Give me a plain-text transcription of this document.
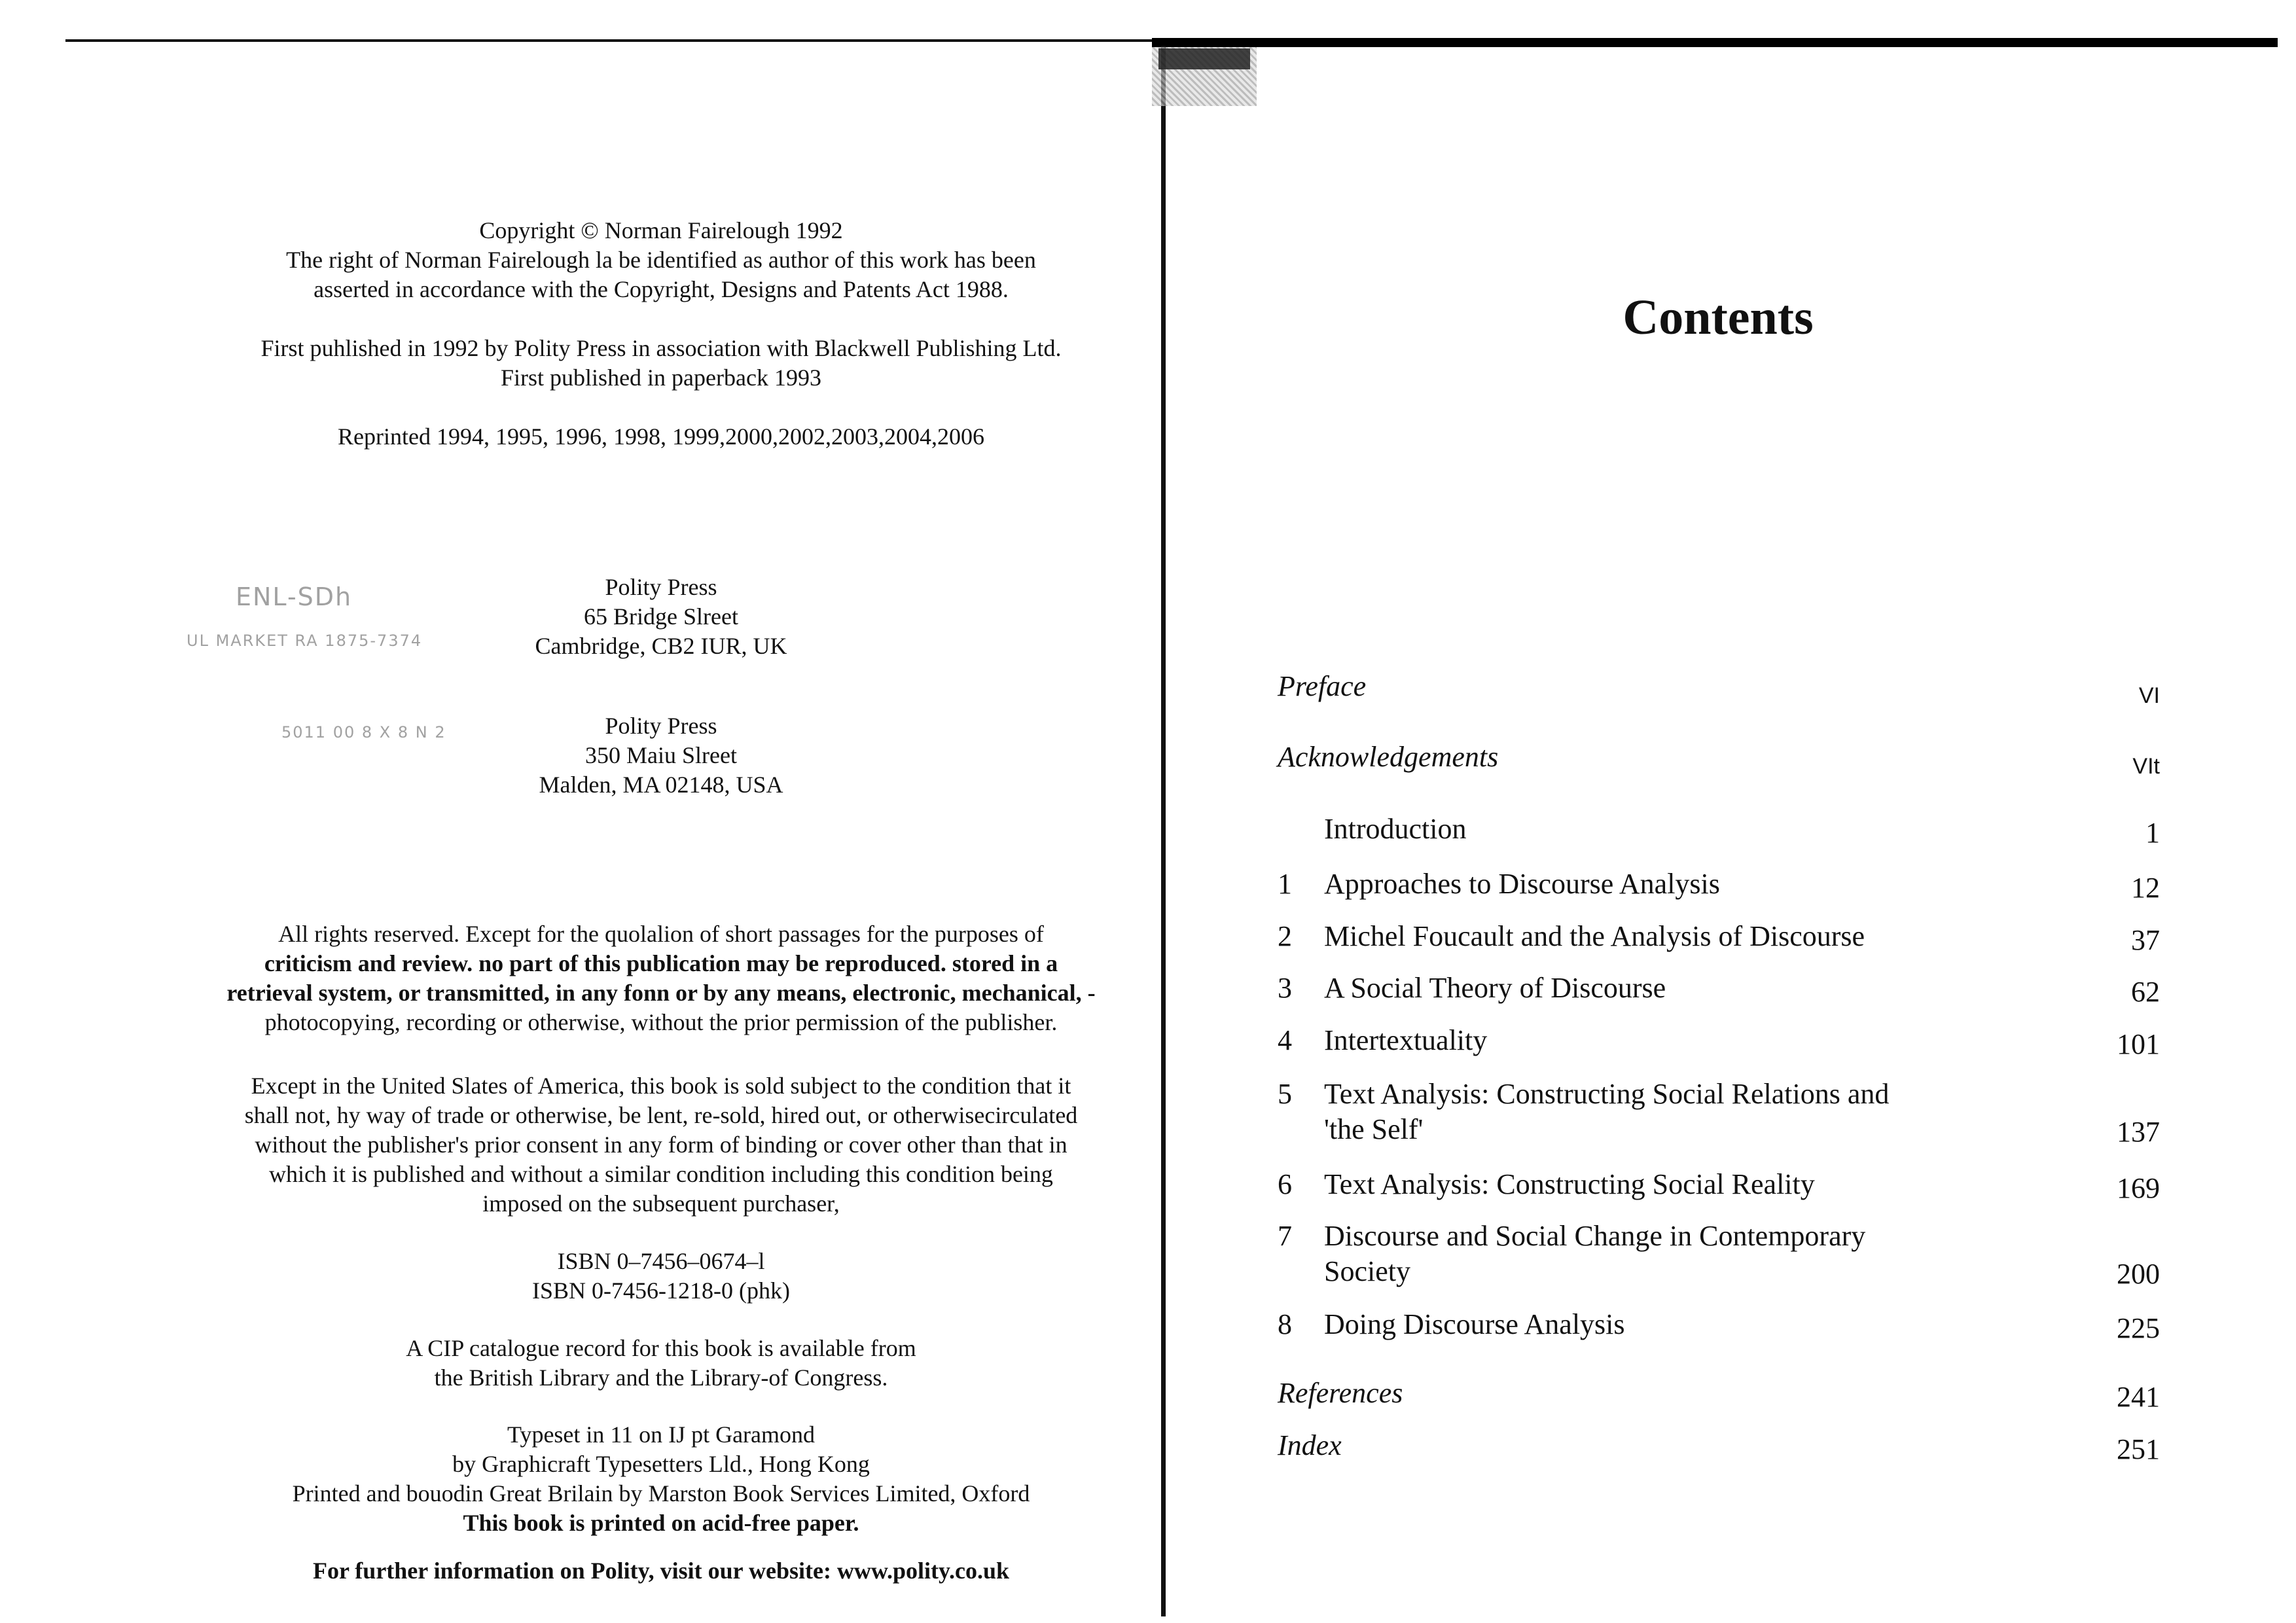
Copyright © Norman Fairelough 1992

The right of Norman Fairelough la be identified as author of this work has been

asserted in accordance with the Copyright, Designs and Patents Act 1988.

First puhlished in 1992 by Polity Press in association with Blackwell Publishing Ltd.

First published in paperback 1993

Reprinted 1994, 1995, 1996, 1998, 1999,2000,2002,2003,2004,2006

ENL-SDh
UL MARKET RA 1875-7374
5011 00 8 X 8 N 2

Polity Press

65 Bridge Slreet

Cambridge, CB2 IUR, UK

Polity Press

350 Maiu Slreet

Malden, MA 02148, USA

All rights reserved. Except for the quolalion of short passages for the purposes of

criticism and review. no part of this publication may be reproduced. stored in a

retrieval system, or transmitted, in any fonn or by any means, electronic, mechanical, -

photocopying, recording or otherwise, without the prior permission of the publisher.

Except in the United Slates of America, this book is sold subject to the condition that it

shall not, hy way of trade or otherwise, be lent, re-sold, hired out, or otherwisecirculated

without the publisher's prior consent in any form of binding or cover other than that in

which it is published and without a similar condition including this condition being

imposed on the subsequent purchaser,

ISBN 0–7456–0674–l

ISBN 0-7456-1218-0 (phk)

A CIP catalogue record for this book is available from

the British Library and the Library-of Congress.

Typeset in 11 on IJ pt Garamond

by Graphicraft Typesetters Lld., Hong Kong

Printed and bouodin Great Brilain by Marston Book Services Limited, Oxford

This book is printed on acid-free paper.

For further information on Polity, visit our website: www.polity.co.uk

Contents
Preface	VI
Acknowledgements	VIt
Introduction	1
1 Approaches to Discourse Analysis	12
2 Michel Foucault and the Analysis of Discourse	37
3 A Social Theory of Discourse	62
4 Intertextuality	101
5 Text Analysis: Constructing Social Relations and
'the Self'	137
6 Text Analysis: Constructing Social Reality	169
7 Discourse and Social Change in Contemporary
Society	200
8 Doing Discourse Analysis	225
References	241
Index	251
